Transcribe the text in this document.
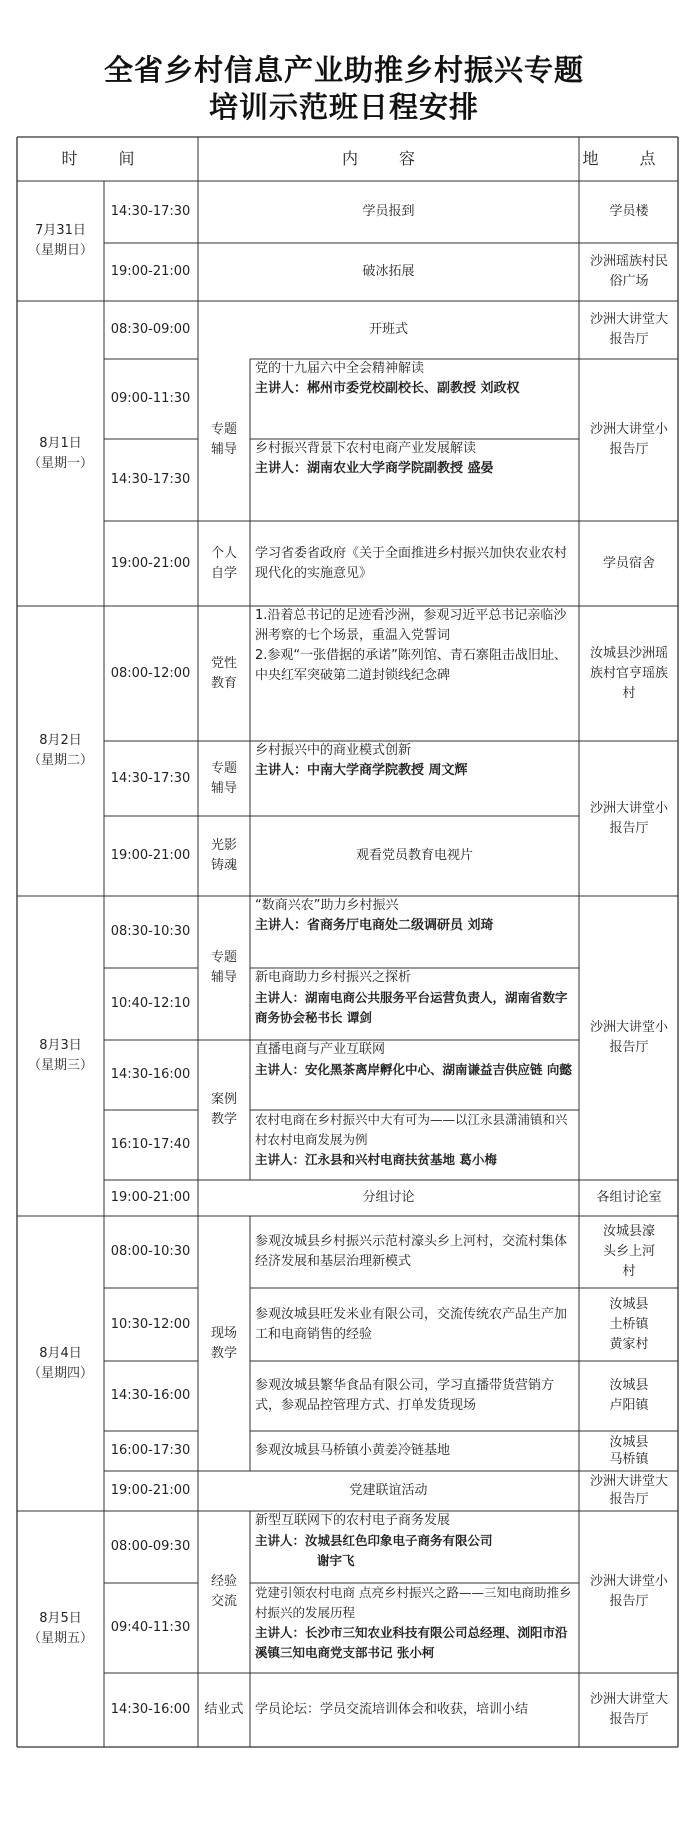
全省乡村信息产业助推乡村振兴专题
培训示范班日程安排
时 间	内 容	地 点
7月31日
（星期日）
8月1日
（星期一）
8月2日
（星期二）
8月3日
（星期三）
8月4日
（星期四）
8月5日
（星期五）
14:30-17:30
19:00-21:00
08:30-09:00
09:00-11:30
14:30-17:30
19:00-21:00
08:00-12:00
14:30-17:30
19:00-21:00
08:30-10:30
10:40-12:10
14:30-16:00
16:10-17:40
19:00-21:00
08:00-10:30
10:30-12:00
14:30-16:00
16:00-17:30
19:00-21:00
08:00-09:30
09:40-11:30
14:30-16:00
专题辅导
个人自学
党性教育
专题辅导
光影铸魂
专题辅导
案例教学
现场教学
经验交流
结业式
学员报到
破冰拓展
开班式
党的十九届六中全会精神解读
主讲人：郴州市委党校副校长、副教授 刘政权
乡村振兴背景下农村电商产业发展解读
主讲人：湖南农业大学商学院副教授 盛晏
学习省委省政府《关于全面推进乡村振兴加快农业农村现代化的实施意见》
1.沿着总书记的足迹看沙洲，参观习近平总书记亲临沙洲考察的七个场景，重温入党誓词
2.参观“一张借据的承诺”陈列馆、青石寨阻击战旧址、中央红军突破第二道封锁线纪念碑
乡村振兴中的商业模式创新
主讲人：中南大学商学院教授 周文辉
观看党员教育电视片
“数商兴农”助力乡村振兴
主讲人：省商务厅电商处二级调研员 刘琦
新电商助力乡村振兴之探析
主讲人：湖南电商公共服务平台运营负责人，湖南省数字商务协会秘书长 谭剑
直播电商与产业互联网
主讲人：安化黑茶离岸孵化中心、湖南谦益吉供应链 向懿
农村电商在乡村振兴中大有可为——以江永县潇浦镇和兴村农村电商发展为例
主讲人：江永县和兴村电商扶贫基地 葛小梅
分组讨论
参观汝城县乡村振兴示范村濠头乡上河村，交流村集体经济发展和基层治理新模式
参观汝城县旺发米业有限公司，交流传统农产品生产加工和电商销售的经验
参观汝城县繁华食品有限公司，学习直播带货营销方式，参观品控管理方式、打单发货现场
参观汝城县马桥镇小黄姜冷链基地
党建联谊活动
新型互联网下的农村电子商务发展
主讲人：汝城县红色印象电子商务有限公司
谢宇飞
党建引领农村电商 点亮乡村振兴之路——三知电商助推乡村振兴的发展历程
主讲人：长沙市三知农业科技有限公司总经理、浏阳市沿溪镇三知电商党支部书记 张小柯
学员论坛：学员交流培训体会和收获，培训小结
学员楼
沙洲瑶族村民俗广场
沙洲大讲堂大报告厅
沙洲大讲堂小报告厅
学员宿舍
汝城县沙洲瑶族村官亨瑶族村
沙洲大讲堂小报告厅
沙洲大讲堂小报告厅
各组讨论室
汝城县濠头乡上河村
汝城县土桥镇黄家村
汝城县卢阳镇
汝城县马桥镇
沙洲大讲堂大报告厅
沙洲大讲堂小报告厅
沙洲大讲堂大报告厅
